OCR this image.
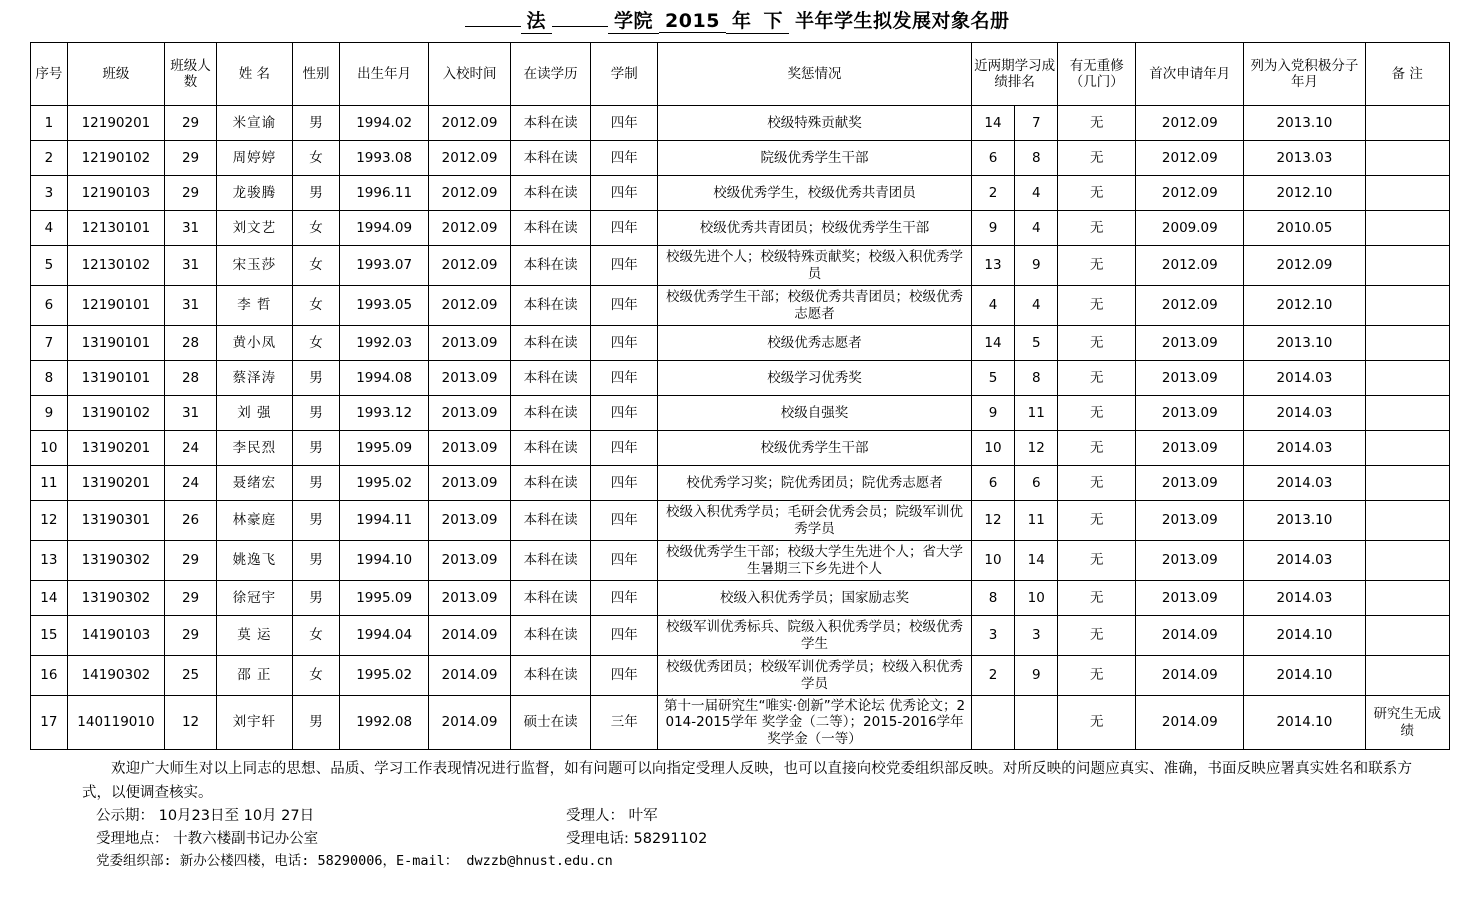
法	学院 2015 年 下 半年学生拟发展对象名册
序号	班级	班级人数	姓 名	性别	出生年月	入校时间	在读学历	学制	奖惩情况	近两期学习成绩排名		有无重修（几门）	首次申请年月	列为入党积极分子年月	备 注
1	12190201	29	米宣谕	男	1994.02	2012.09	本科在读	四年	校级特殊贡献奖	14	7	无	2012.09	2013.10	
2	12190102	29	周婷婷	女	1993.08	2012.09	本科在读	四年	院级优秀学生干部	6	8	无	2012.09	2013.03	
3	12190103	29	龙骏腾	男	1996.11	2012.09	本科在读	四年	校级优秀学生，校级优秀共青团员	2	4	无	2012.09	2012.10	
4	12130101	31	刘文艺	女	1994.09	2012.09	本科在读	四年	校级优秀共青团员；校级优秀学生干部	9	4	无	2009.09	2010.05	
5	12130102	31	宋玉莎	女	1993.07	2012.09	本科在读	四年	校级先进个人；校级特殊贡献奖；校级入积优秀学员	13	9	无	2012.09	2012.09	
6	12190101	31	李 哲	女	1993.05	2012.09	本科在读	四年	校级优秀学生干部；校级优秀共青团员；校级优秀志愿者	4	4	无	2012.09	2012.10	
7	13190101	28	黄小凤	女	1992.03	2013.09	本科在读	四年	校级优秀志愿者	14	5	无	2013.09	2013.10	
8	13190101	28	蔡泽涛	男	1994.08	2013.09	本科在读	四年	校级学习优秀奖	5	8	无	2013.09	2014.03	
9	13190102	31	刘 强	男	1993.12	2013.09	本科在读	四年	校级自强奖	9	11	无	2013.09	2014.03	
10	13190201	24	李民烈	男	1995.09	2013.09	本科在读	四年	校级优秀学生干部	10	12	无	2013.09	2014.03	
11	13190201	24	聂绪宏	男	1995.02	2013.09	本科在读	四年	校优秀学习奖；院优秀团员；院优秀志愿者	6	6	无	2013.09	2014.03	
12	13190301	26	林豪庭	男	1994.11	2013.09	本科在读	四年	校级入积优秀学员；毛研会优秀会员；院级军训优秀学员	12	11	无	2013.09	2013.10	
13	13190302	29	姚逸飞	男	1994.10	2013.09	本科在读	四年	校级优秀学生干部；校级大学生先进个人；省大学生暑期三下乡先进个人	10	14	无	2013.09	2014.03	
14	13190302	29	徐冠宇	男	1995.09	2013.09	本科在读	四年	校级入积优秀学员；国家励志奖	8	10	无	2013.09	2014.03	
15	14190103	29	莫 运	女	1994.04	2014.09	本科在读	四年	校级军训优秀标兵、院级入积优秀学员；校级优秀学生	3	3	无	2014.09	2014.10	
16	14190302	25	邵 正	女	1995.02	2014.09	本科在读	四年	校级优秀团员；校级军训优秀学员；校级入积优秀学员	2	9	无	2014.09	2014.10	
17	140119010	12	刘宇轩	男	1992.08	2014.09	硕士在读	三年	第十一届研究生“唯实·创新”学术论坛 优秀论文；2014-2015学年 奖学金（二等）；2015-2016学年 奖学金（一等）			无	2014.09	2014.10	研究生无成绩
欢迎广大师生对以上同志的思想、品质、学习工作表现情况进行监督，如有问题可以向指定受理人反映，也可以直接向校党委组织部反映。对所反映的问题应真实、准确，书面反映应署真实姓名和联系方式，以便调查核实。
公示期： 10月23日至 10月 27日	受理人： 叶军
受理地点： 十教六楼副书记办公室	受理电话: 58291102
党委组织部: 新办公楼四楼，电话: 58290006，E-mail： dwzzb@hnust.edu.cn
